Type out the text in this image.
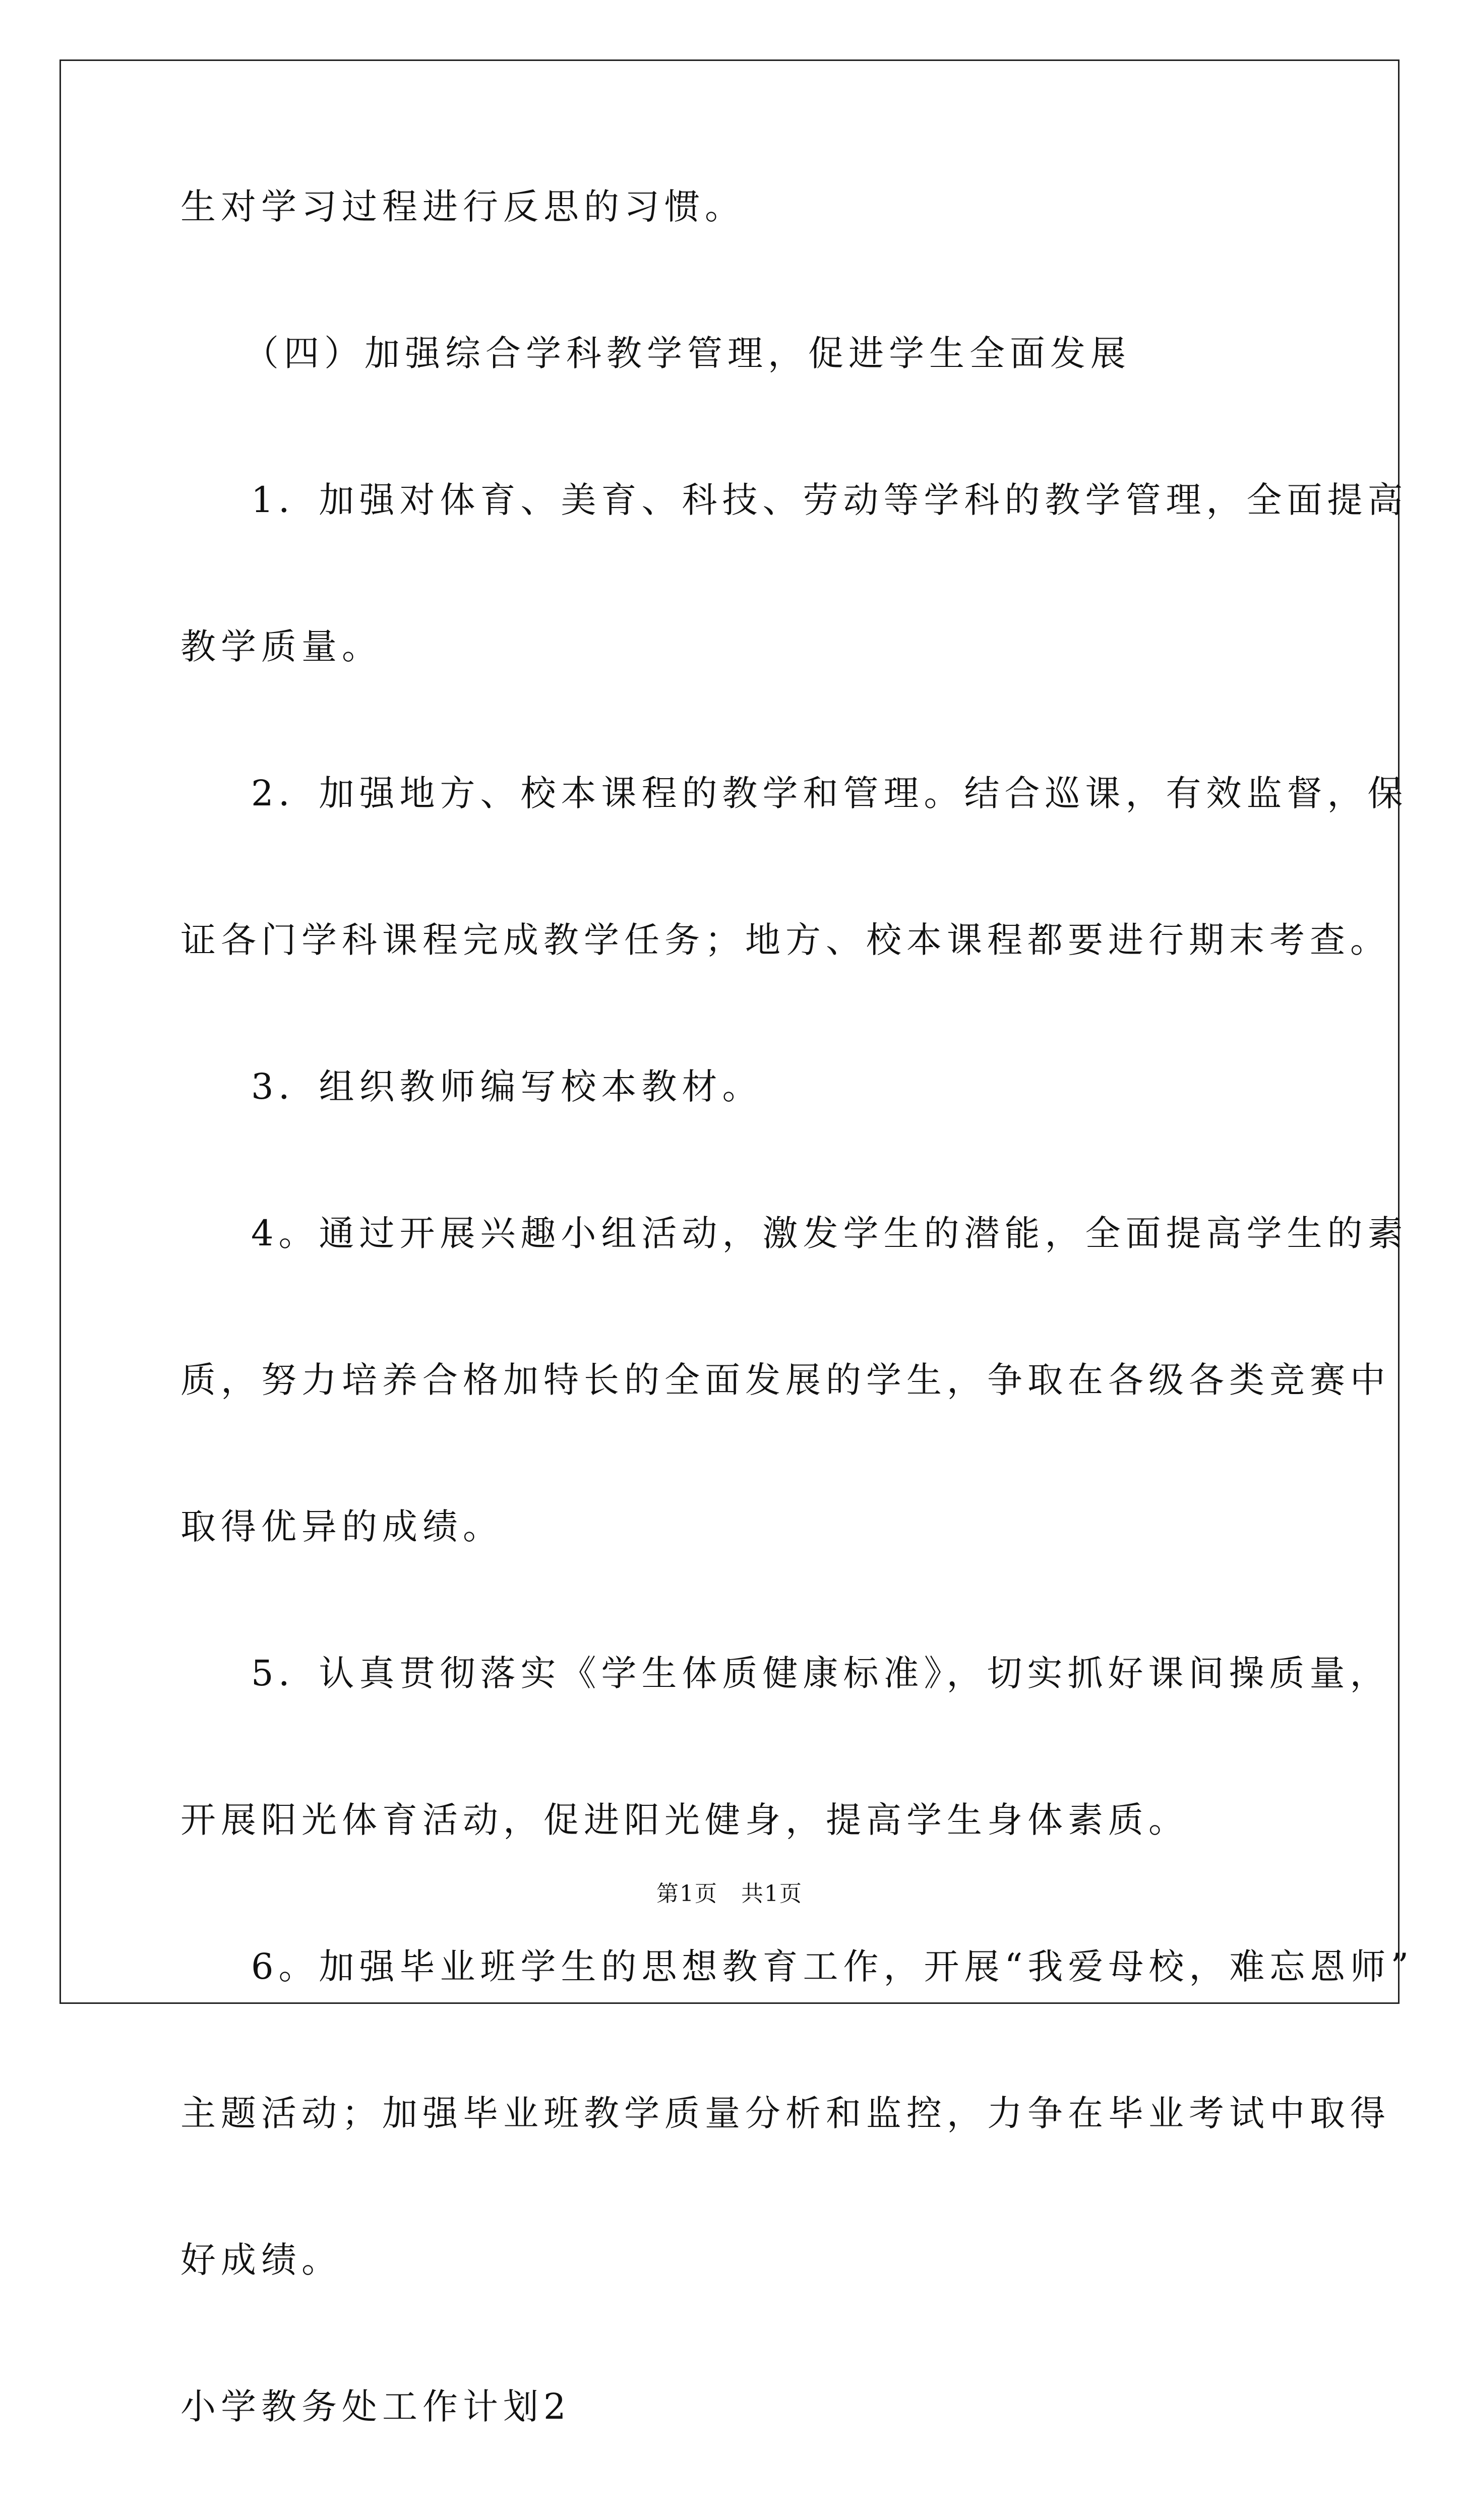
生对学习过程进行反思的习惯。
（四）加强综合学科教学管理，促进学生全面发展
1．加强对体育、美育、科技、劳动等学科的教学管理，全面提高
教学质量。
2．加强地方、校本课程的教学和管理。结合巡课，有效监督，保
证各门学科课程完成教学任务；地方、校本课程都要进行期末考查。
3．组织教师编写校本教材。
4。通过开展兴趣小组活动，激发学生的潜能，全面提高学生的素
质，努力培养合格加特长的全面发展的学生，争取在各级各类竞赛中
取得优异的成绩。
5．认真贯彻落实《学生体质健康标准》，切实抓好课间操质量，
开展阳光体育活动，促进阳光健身，提高学生身体素质。
6。加强毕业班学生的思想教育工作，开展“我爱母校，难忘恩师”
主题活动；加强毕业班教学质量分析和监控，力争在毕业考试中取得
好成绩。
小学教务处工作计划2
第1页　共1页
